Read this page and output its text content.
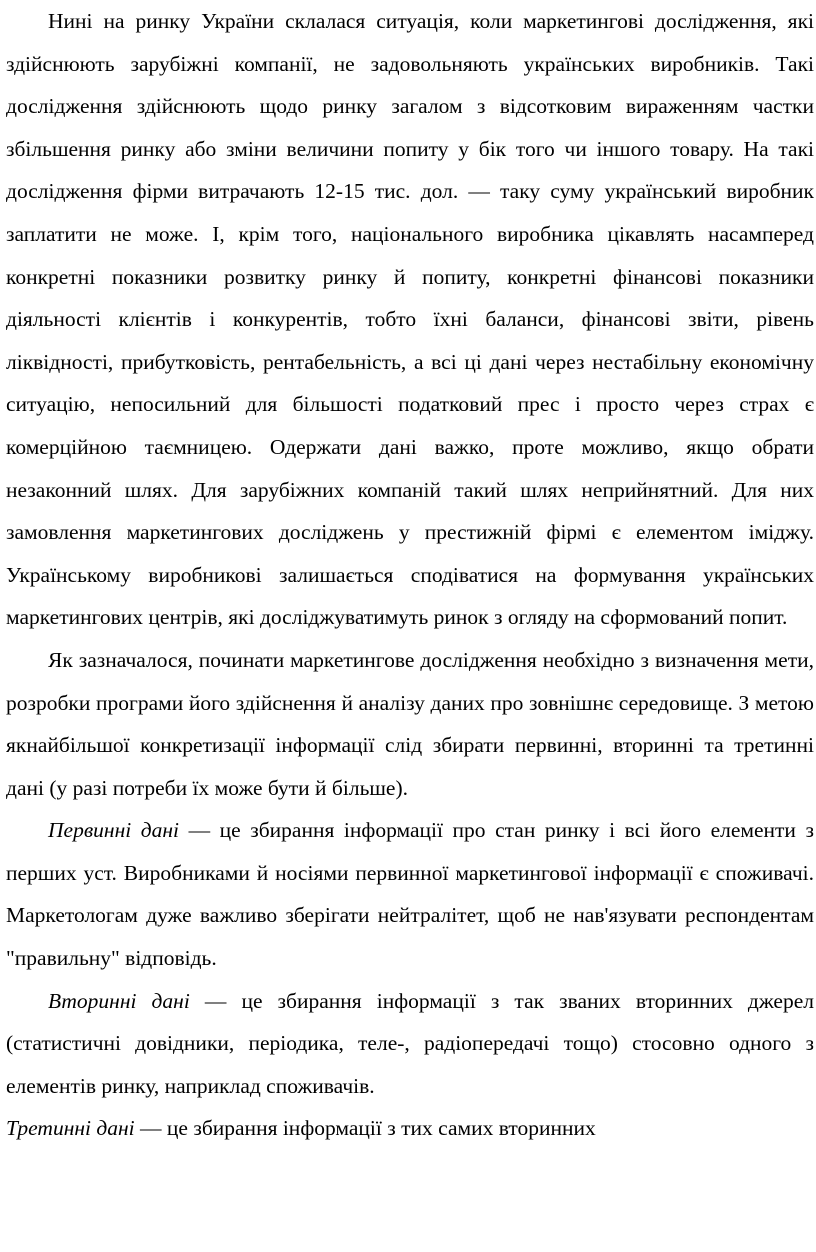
Нині на ринку України склалася ситуація, коли маркетингові дослідження, які здійснюють зарубіжні компанії, не задовольняють українських виробників. Такі дослідження здійснюють щодо ринку загалом з відсотковим вираженням частки збільшення ринку або зміни величини попиту у бік того чи іншого товару. На такі дослідження фірми витрачають 12-15 тис. дол. — таку суму український виробник заплатити не може. І, крім того, національного виробника цікавлять насамперед конкретні показники розвитку ринку й попиту, конкретні фінансові показники діяльності клієнтів і конкурентів, тобто їхні баланси, фінансові звіти, рівень ліквідності, прибутковість, рентабельність, а всі ці дані через нестабільну економічну ситуацію, непосильний для більшості податковий прес і просто через страх є комерційною таємницею. Одержати дані важко, проте можливо, якщо обрати незаконний шлях. Для зарубіжних компаній такий шлях неприйнятний. Для них замовлення маркетингових досліджень у престижній фірмі є елементом іміджу. Українському виробникові залишається сподіватися на формування українських маркетингових центрів, які досліджуватимуть ринок з огляду на сформований попит.

Як зазначалося, починати маркетингове дослідження необхідно з визначення мети, розробки програми його здійснення й аналізу даних про зовнішнє середовище. З метою якнайбільшої конкретизації інформації слід збирати первинні, вторинні та третинні дані (у разі потреби їх може бути й більше).

Первинні дані — це збирання інформації про стан ринку і всі його елементи з перших уст. Виробниками й носіями первинної маркетингової інформації є споживачі. Маркетологам дуже важливо зберігати нейтралітет, щоб не нав'язувати респондентам "правильну" відповідь.

Вторинні дані — це збирання інформації з так званих вторинних джерел (статистичні довідники, періодика, теле-, радіопередачі тощо) стосовно одного з елементів ринку, наприклад споживачів.

Третинні дані — це збирання інформації з тих самих вторинних
